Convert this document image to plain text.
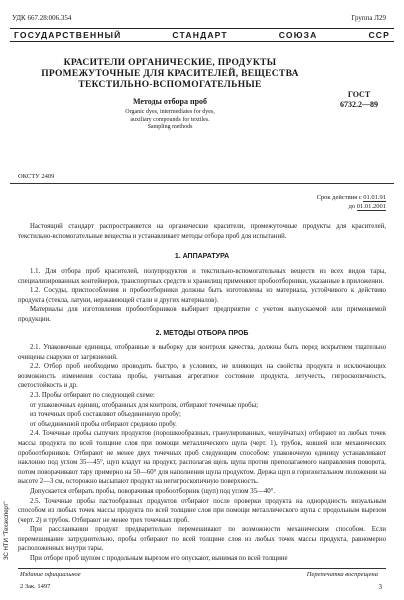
УДК 667.28:006.354	Группа Л29
ГОСУДАРСТВЕННЫЙ	СТАНДАРТ	СОЮЗА	ССР
КРАСИТЕЛИ ОРГАНИЧЕСКИЕ, ПРОДУКТЫ
ПРОМЕЖУТОЧНЫЕ ДЛЯ КРАСИТЕЛЕЙ, ВЕЩЕСТВА
ТЕКСТИЛЬНО-ВСПОМОГАТЕЛЬНЫЕ
Методы отбора проб
Organic dyes, intermediates for dyes,
auxiliary compounds for textiles.
Sampling methods
ГОСТ
6732.2—89
ОКСТУ 2409
Срок действия с 01.01.91
до 01.01.2001

Настоящий стандарт распространяется на органические красители, промежуточные продукты для красителей, текстильно-вспомогательные вещества и устанавливает методы отбора проб для испытаний.

1. АППАРАТУРА

1.1. Для отбора проб красителей, полупродуктов и текстильно-вспомогательных веществ из всех видов тары, специализированных контейнеров, транспортных средств и хранилищ применяют пробоотборники, указанные в приложении.

1.2. Сосуды, приспособления и пробоотборники должны быть изготовлены из материала, устойчивого к действию продукта (стекла, латуни, нержавеющей стали и других материалов).

Материалы для изготовления пробоотборников выбирает предприятие с учетом выпускаемой или применяемой продукции.

2. МЕТОДЫ ОТБОРА ПРОБ

2.1. Упаковочные единицы, отобранные в выборку для контроля качества, должны быть перед вскрытием тщательно очищены снаружи от загрязнений.

2.2. Отбор проб необходимо проводить быстро, в условиях, не влияющих на свойства продукта и исключающих возможность изменения состава пробы, учитывая агрегатное состояние продукта, летучесть, гигроскопичность, светостойкость и др.

2.3. Пробы отбирают по следующей схеме:

от упаковочных единиц, отобранных для контроля, отбирают точечные пробы;

из точечных проб составляют объединенную пробу;

от объединенной пробы отбирают среднюю пробу.

2.4. Точечные пробы сыпучих продуктов (порошкообразных, гранулированных, чешуйчатых) отбирают из любых точек массы продукта по всей толщине слоя при помощи металлического щупа (черт. 1), трубок, ковшей или механических пробоотборников. Отбирают не менее двух точечных проб следующим способом: упаковочную единицу устанавливают наклонно под углом 35—45°, щуп кладут на продукт, располагая щель щупа против преполагаемого направления поворота, потом поворачивают тару примерно на 50—60° для наполнения щупа продуктом. Держа щуп в горизонтальном положении на высоте 2—3 см, осторожно высыпают продукт на негигроскопичную поверхность.

Допускается отбирать пробы, поворачивая пробоотборник (щуп) под углом 35—40°.

2.5. Точечные пробы пастообразных продуктов отбирают после проверки продукта на однородность визуальным способом из любых точек массы продукта по всей толщине слоя при помощи металлического щупа с продольным вырезом (черт. 2) и трубок. Отбирают не менее трех точечных проб.

При расслаивании продукт предварительно перемешивают по возможности механическим способом. Если перемешивание затруднительно, пробы отбирают по всей толщине слоя из любых точек массы продукта, равномерно расположенных внутри тары.

При отборе проб щупом с продольным вырезом его опускают, вынимая по всей толщине

ЗС НТИ "Техэксперт"
Издание официальное	Перепечатка воспрещена
2 Зак. 1497	3
